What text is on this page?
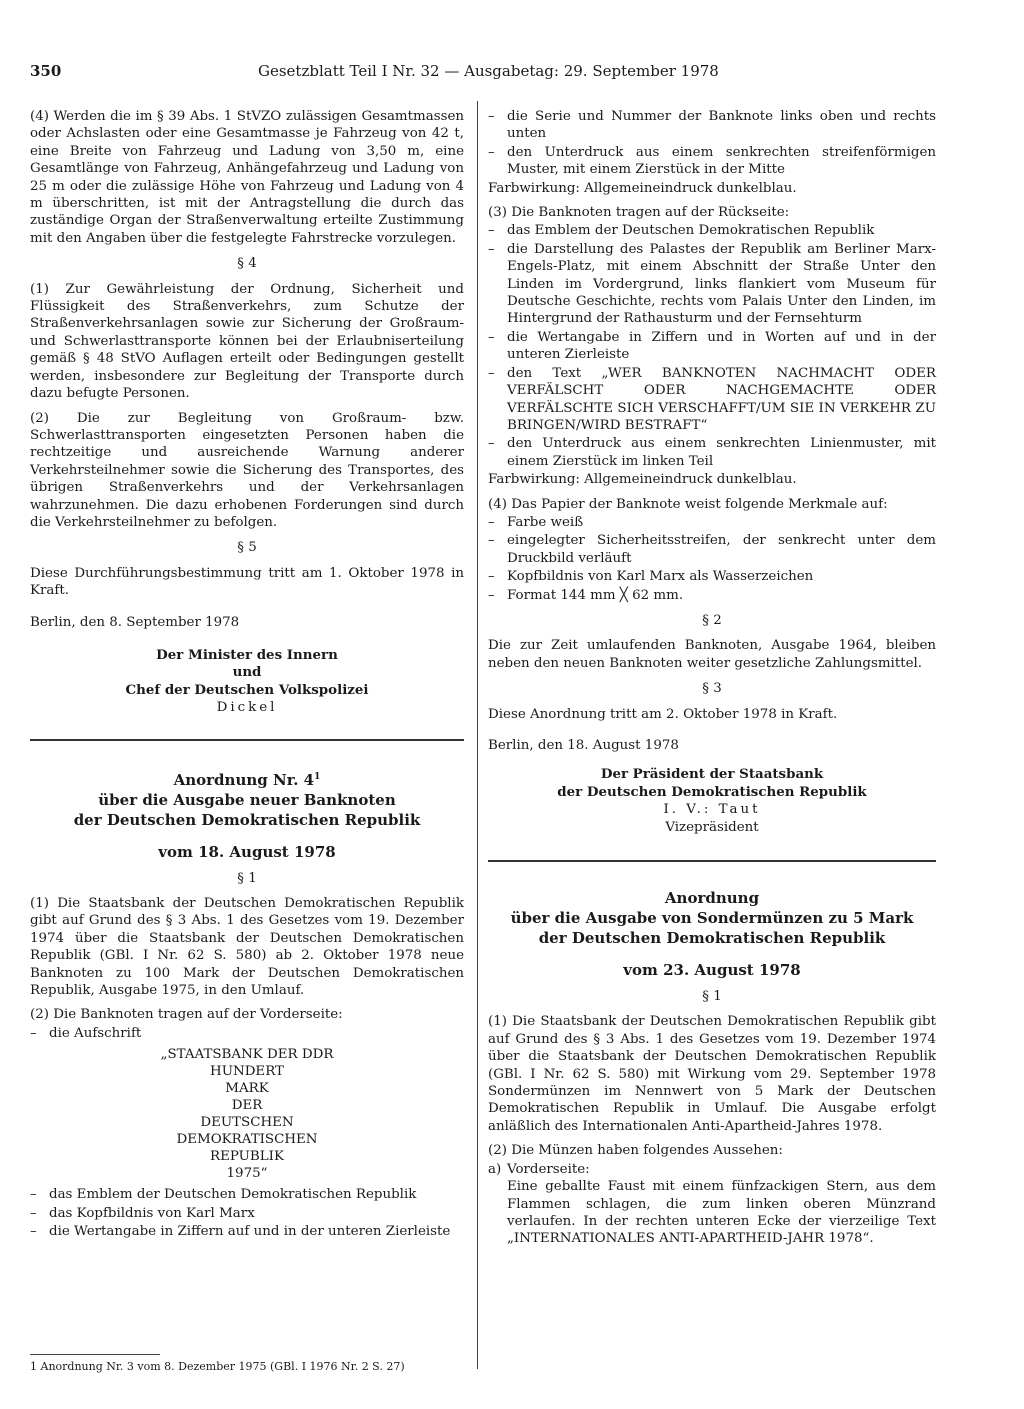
350	Gesetzblatt Teil I Nr. 32 — Ausgabetag: 29. September 1978

(4) Werden die im § 39 Abs. 1 StVZO zulässigen Gesamtmassen oder Achslasten oder eine Gesamtmasse je Fahrzeug von 42 t, eine Breite von Fahrzeug und Ladung von 3,50 m, eine Gesamtlänge von Fahrzeug, Anhängefahrzeug und Ladung von 25 m oder die zulässige Höhe von Fahrzeug und Ladung von 4 m überschritten, ist mit der Antragstellung die durch das zuständige Organ der Straßenverwaltung erteilte Zustimmung mit den Angaben über die festgelegte Fahrstrecke vorzulegen.

§ 4

(1) Zur Gewährleistung der Ordnung, Sicherheit und Flüssigkeit des Straßenverkehrs, zum Schutze der Straßenverkehrsanlagen sowie zur Sicherung der Großraum- und Schwerlasttransporte können bei der Erlaubniserteilung gemäß § 48 StVO Auflagen erteilt oder Bedingungen gestellt werden, insbesondere zur Begleitung der Transporte durch dazu befugte Personen.

(2) Die zur Begleitung von Großraum- bzw. Schwerlasttransporten eingesetzten Personen haben die rechtzeitige und ausreichende Warnung anderer Verkehrsteilnehmer sowie die Sicherung des Transportes, des übrigen Straßenverkehrs und der Verkehrsanlagen wahrzunehmen. Die dazu erhobenen Forderungen sind durch die Verkehrsteilnehmer zu befolgen.

§ 5

Diese Durchführungsbestimmung tritt am 1. Oktober 1978 in Kraft.

Berlin, den 8. September 1978

Der Minister des Innern

und

Chef der Deutschen Volkspolizei

Dickel

Anordnung Nr. $4^1$

über die Ausgabe neuer Banknoten

der Deutschen Demokratischen Republik

vom 18. August 1978

§ 1

(1) Die Staatsbank der Deutschen Demokratischen Republik gibt auf Grund des § 3 Abs. 1 des Gesetzes vom 19. Dezember 1974 über die Staatsbank der Deutschen Demokratischen Republik (GBl. I Nr. 62 S. 580) ab 2. Oktober 1978 neue Banknoten zu 100 Mark der Deutschen Demokratischen Republik, Ausgabe 1975, in den Umlauf.

(2) Die Banknoten tragen auf der Vorderseite:

– die Aufschrift
„STAATSBANK DER DDR
HUNDERT
MARK
DER
DEUTSCHEN
DEMOKRATISCHEN
REPUBLIK
1975“
– das Emblem der Deutschen Demokratischen Republik
– das Kopfbildnis von Karl Marx
– die Wertangabe in Ziffern auf und in der unteren Zierleiste
– die Serie und Nummer der Banknote links oben und rechts unten
– den Unterdruck aus einem senkrechten streifenförmigen Muster, mit einem Zierstück in der Mitte

Farbwirkung: Allgemeineindruck dunkelblau.

(3) Die Banknoten tragen auf der Rückseite:

– das Emblem der Deutschen Demokratischen Republik
– die Darstellung des Palastes der Republik am Berliner Marx-Engels-Platz, mit einem Abschnitt der Straße Unter den Linden im Vordergrund, links flankiert vom Museum für Deutsche Geschichte, rechts vom Palais Unter den Linden, im Hintergrund der Rathausturm und der Fernsehturm
– die Wertangabe in Ziffern und in Worten auf und in der unteren Zierleiste
– den Text „WER BANKNOTEN NACHMACHT ODER VERFÄLSCHT ODER NACHGEMACHTE ODER VERFÄLSCHTE SICH VERSCHAFFT/UM SIE IN VERKEHR ZU BRINGEN/WIRD BESTRAFT“
– den Unterdruck aus einem senkrechten Linienmuster, mit einem Zierstück im linken Teil

Farbwirkung: Allgemeineindruck dunkelblau.

(4) Das Papier der Banknote weist folgende Merkmale auf:

– Farbe weiß
– eingelegter Sicherheitsstreifen, der senkrecht unter dem Druckbild verläuft
– Kopfbildnis von Karl Marx als Wasserzeichen
– Format 144 mm ╳ 62 mm.
§ 2

Die zur Zeit umlaufenden Banknoten, Ausgabe 1964, bleiben neben den neuen Banknoten weiter gesetzliche Zahlungsmittel.

§ 3

Diese Anordnung tritt am 2. Oktober 1978 in Kraft.

Berlin, den 18. August 1978

Der Präsident der Staatsbank

der Deutschen Demokratischen Republik

I. V.: Taut

Vizepräsident

Anordnung

über die Ausgabe von Sondermünzen zu 5 Mark

der Deutschen Demokratischen Republik

vom 23. August 1978

§ 1

(1) Die Staatsbank der Deutschen Demokratischen Republik gibt auf Grund des § 3 Abs. 1 des Gesetzes vom 19. Dezember 1974 über die Staatsbank der Deutschen Demokratischen Republik (GBl. I Nr. 62 S. 580) mit Wirkung vom 29. September 1978 Sondermünzen im Nennwert von 5 Mark der Deutschen Demokratischen Republik in Umlauf. Die Ausgabe erfolgt anläßlich des Internationalen Anti-Apartheid-Jahres 1978.

(2) Die Münzen haben folgendes Aussehen:

a) Vorderseite:
Eine geballte Faust mit einem fünfzackigen Stern, aus dem Flammen schlagen, die zum linken oberen Münzrand verlaufen. In der rechten unteren Ecke der vierzeilige Text „INTERNATIONALES ANTI-APARTHEID-JAHR 1978“.
1 Anordnung Nr. 3 vom 8. Dezember 1975 (GBl. I 1976 Nr. 2 S. 27)
